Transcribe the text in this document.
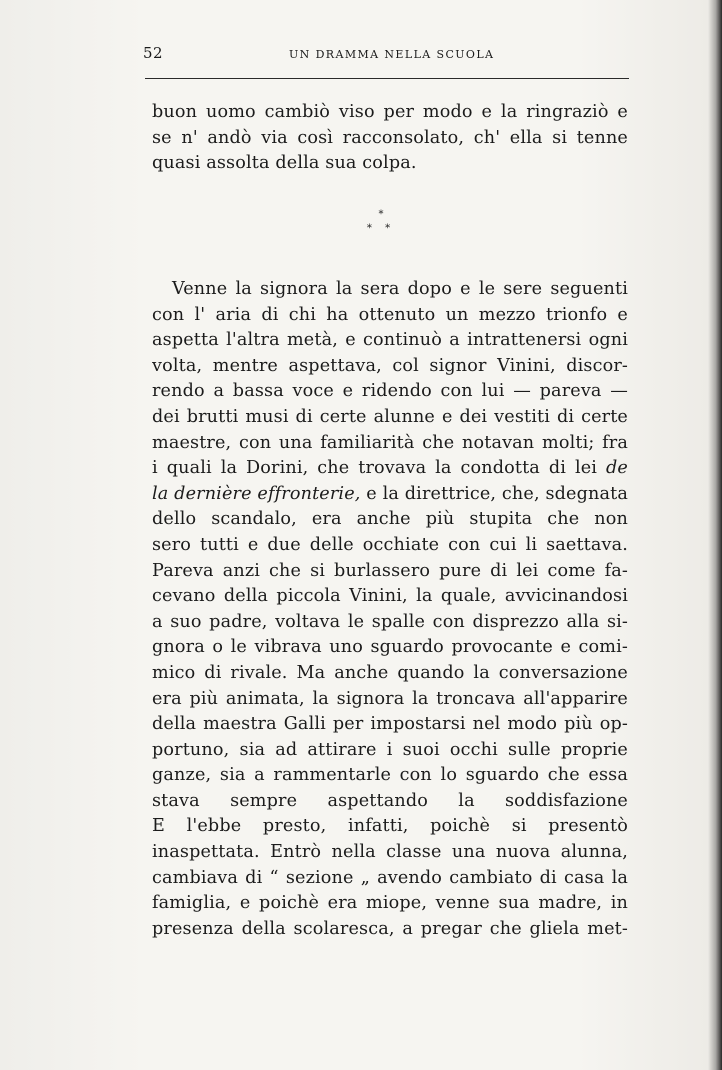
52	UN DRAMMA NELLA SCUOLA
buon uomo cambiò viso per modo e la ringraziò e
se n' andò via così racconsolato, ch' ella si tenne
quasi assolta della sua colpa.
*
* *
Venne la signora la sera dopo e le sere seguenti
con l' aria di chi ha ottenuto un mezzo trionfo e
aspetta l'altra metà, e continuò a intrattenersi ogni
volta, mentre aspettava, col signor Vinini, discor-
rendo a bassa voce e ridendo con lui — pareva —
dei brutti musi di certe alunne e dei vestiti di certe
maestre, con una familiarità che notavan molti; fra
i quali la Dorini, che trovava la condotta di lei de
la dernière effronterie, e la direttrice, che, sdegnata
dello scandalo, era anche più stupita che non
sero tutti e due delle occhiate con cui li saettava.
Pareva anzi che si burlassero pure di lei come fa-
cevano della piccola Vinini, la quale, avvicinandosi
a suo padre, voltava le spalle con disprezzo alla si-
gnora o le vibrava uno sguardo provocante e comi-
mico di rivale. Ma anche quando la conversazione
era più animata, la signora la troncava all'apparire
della maestra Galli per impostarsi nel modo più op-
portuno, sia ad attirare i suoi occhi sulle proprie
ganze, sia a rammentarle con lo sguardo che essa
stava sempre aspettando la soddisfazione
E l'ebbe presto, infatti, poichè si presentò
inaspettata. Entrò nella classe una nuova alunna,
cambiava di “ sezione „ avendo cambiato di casa la
famiglia, e poichè era miope, venne sua madre, in
presenza della scolaresca, a pregar che gliela met-
